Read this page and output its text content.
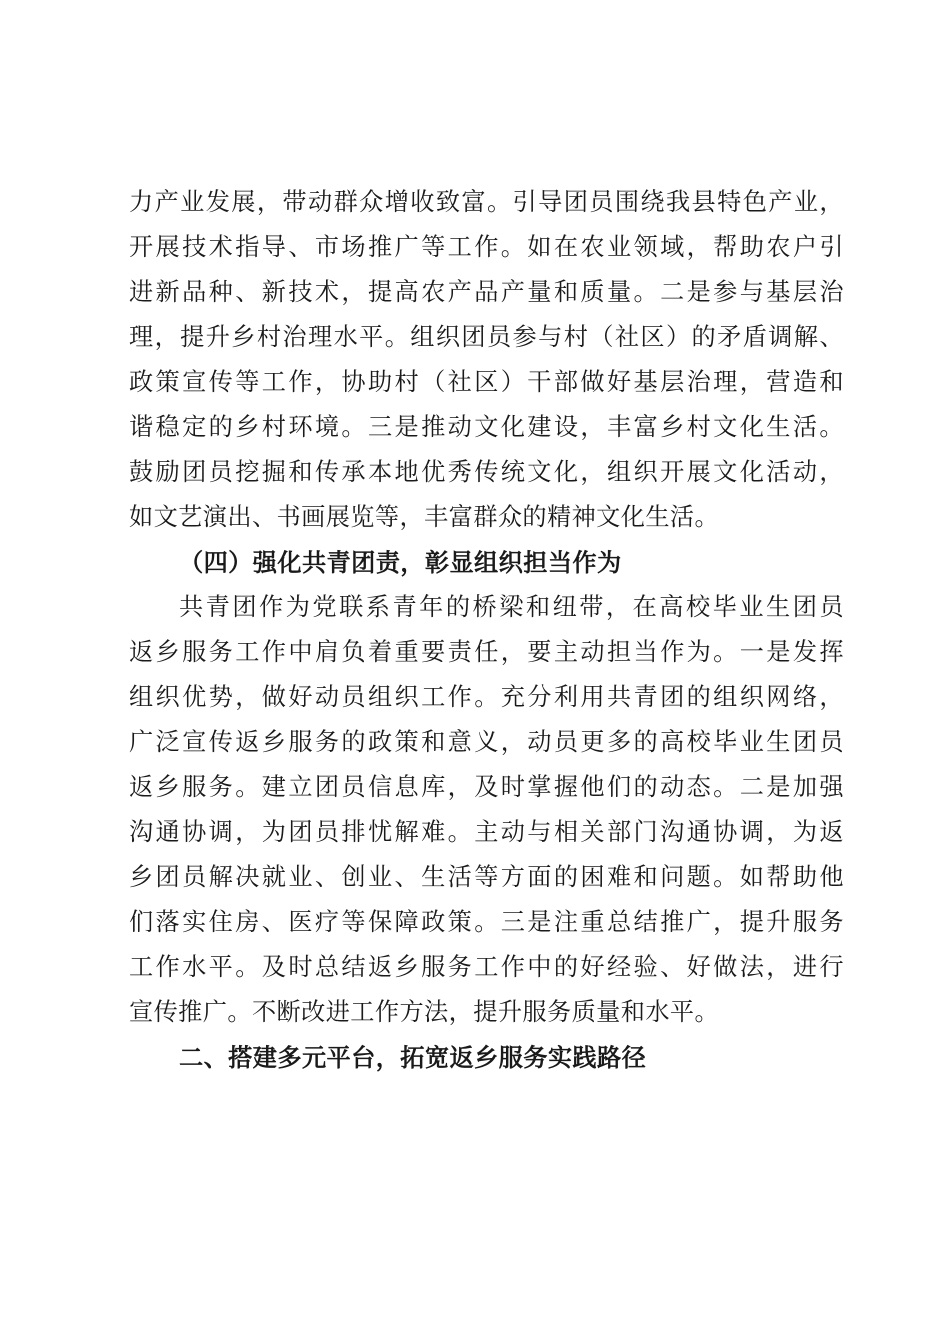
力产业发展，带动群众增收致富。引导团员围绕我县特色产业，
开展技术指导、市场推广等工作。如在农业领域，帮助农户引
进新品种、新技术，提高农产品产量和质量。二是参与基层治
理，提升乡村治理水平。组织团员参与村（社区）的矛盾调解、
政策宣传等工作，协助村（社区）干部做好基层治理，营造和
谐稳定的乡村环境。三是推动文化建设，丰富乡村文化生活。
鼓励团员挖掘和传承本地优秀传统文化，组织开展文化活动，
如文艺演出、书画展览等，丰富群众的精神文化生活。
（四）强化共青团责，彰显组织担当作为
共青团作为党联系青年的桥梁和纽带，在高校毕业生团员
返乡服务工作中肩负着重要责任，要主动担当作为。一是发挥
组织优势，做好动员组织工作。充分利用共青团的组织网络，
广泛宣传返乡服务的政策和意义，动员更多的高校毕业生团员
返乡服务。建立团员信息库，及时掌握他们的动态。二是加强
沟通协调，为团员排忧解难。主动与相关部门沟通协调，为返
乡团员解决就业、创业、生活等方面的困难和问题。如帮助他
们落实住房、医疗等保障政策。三是注重总结推广，提升服务
工作水平。及时总结返乡服务工作中的好经验、好做法，进行
宣传推广。不断改进工作方法，提升服务质量和水平。
二、搭建多元平台，拓宽返乡服务实践路径
